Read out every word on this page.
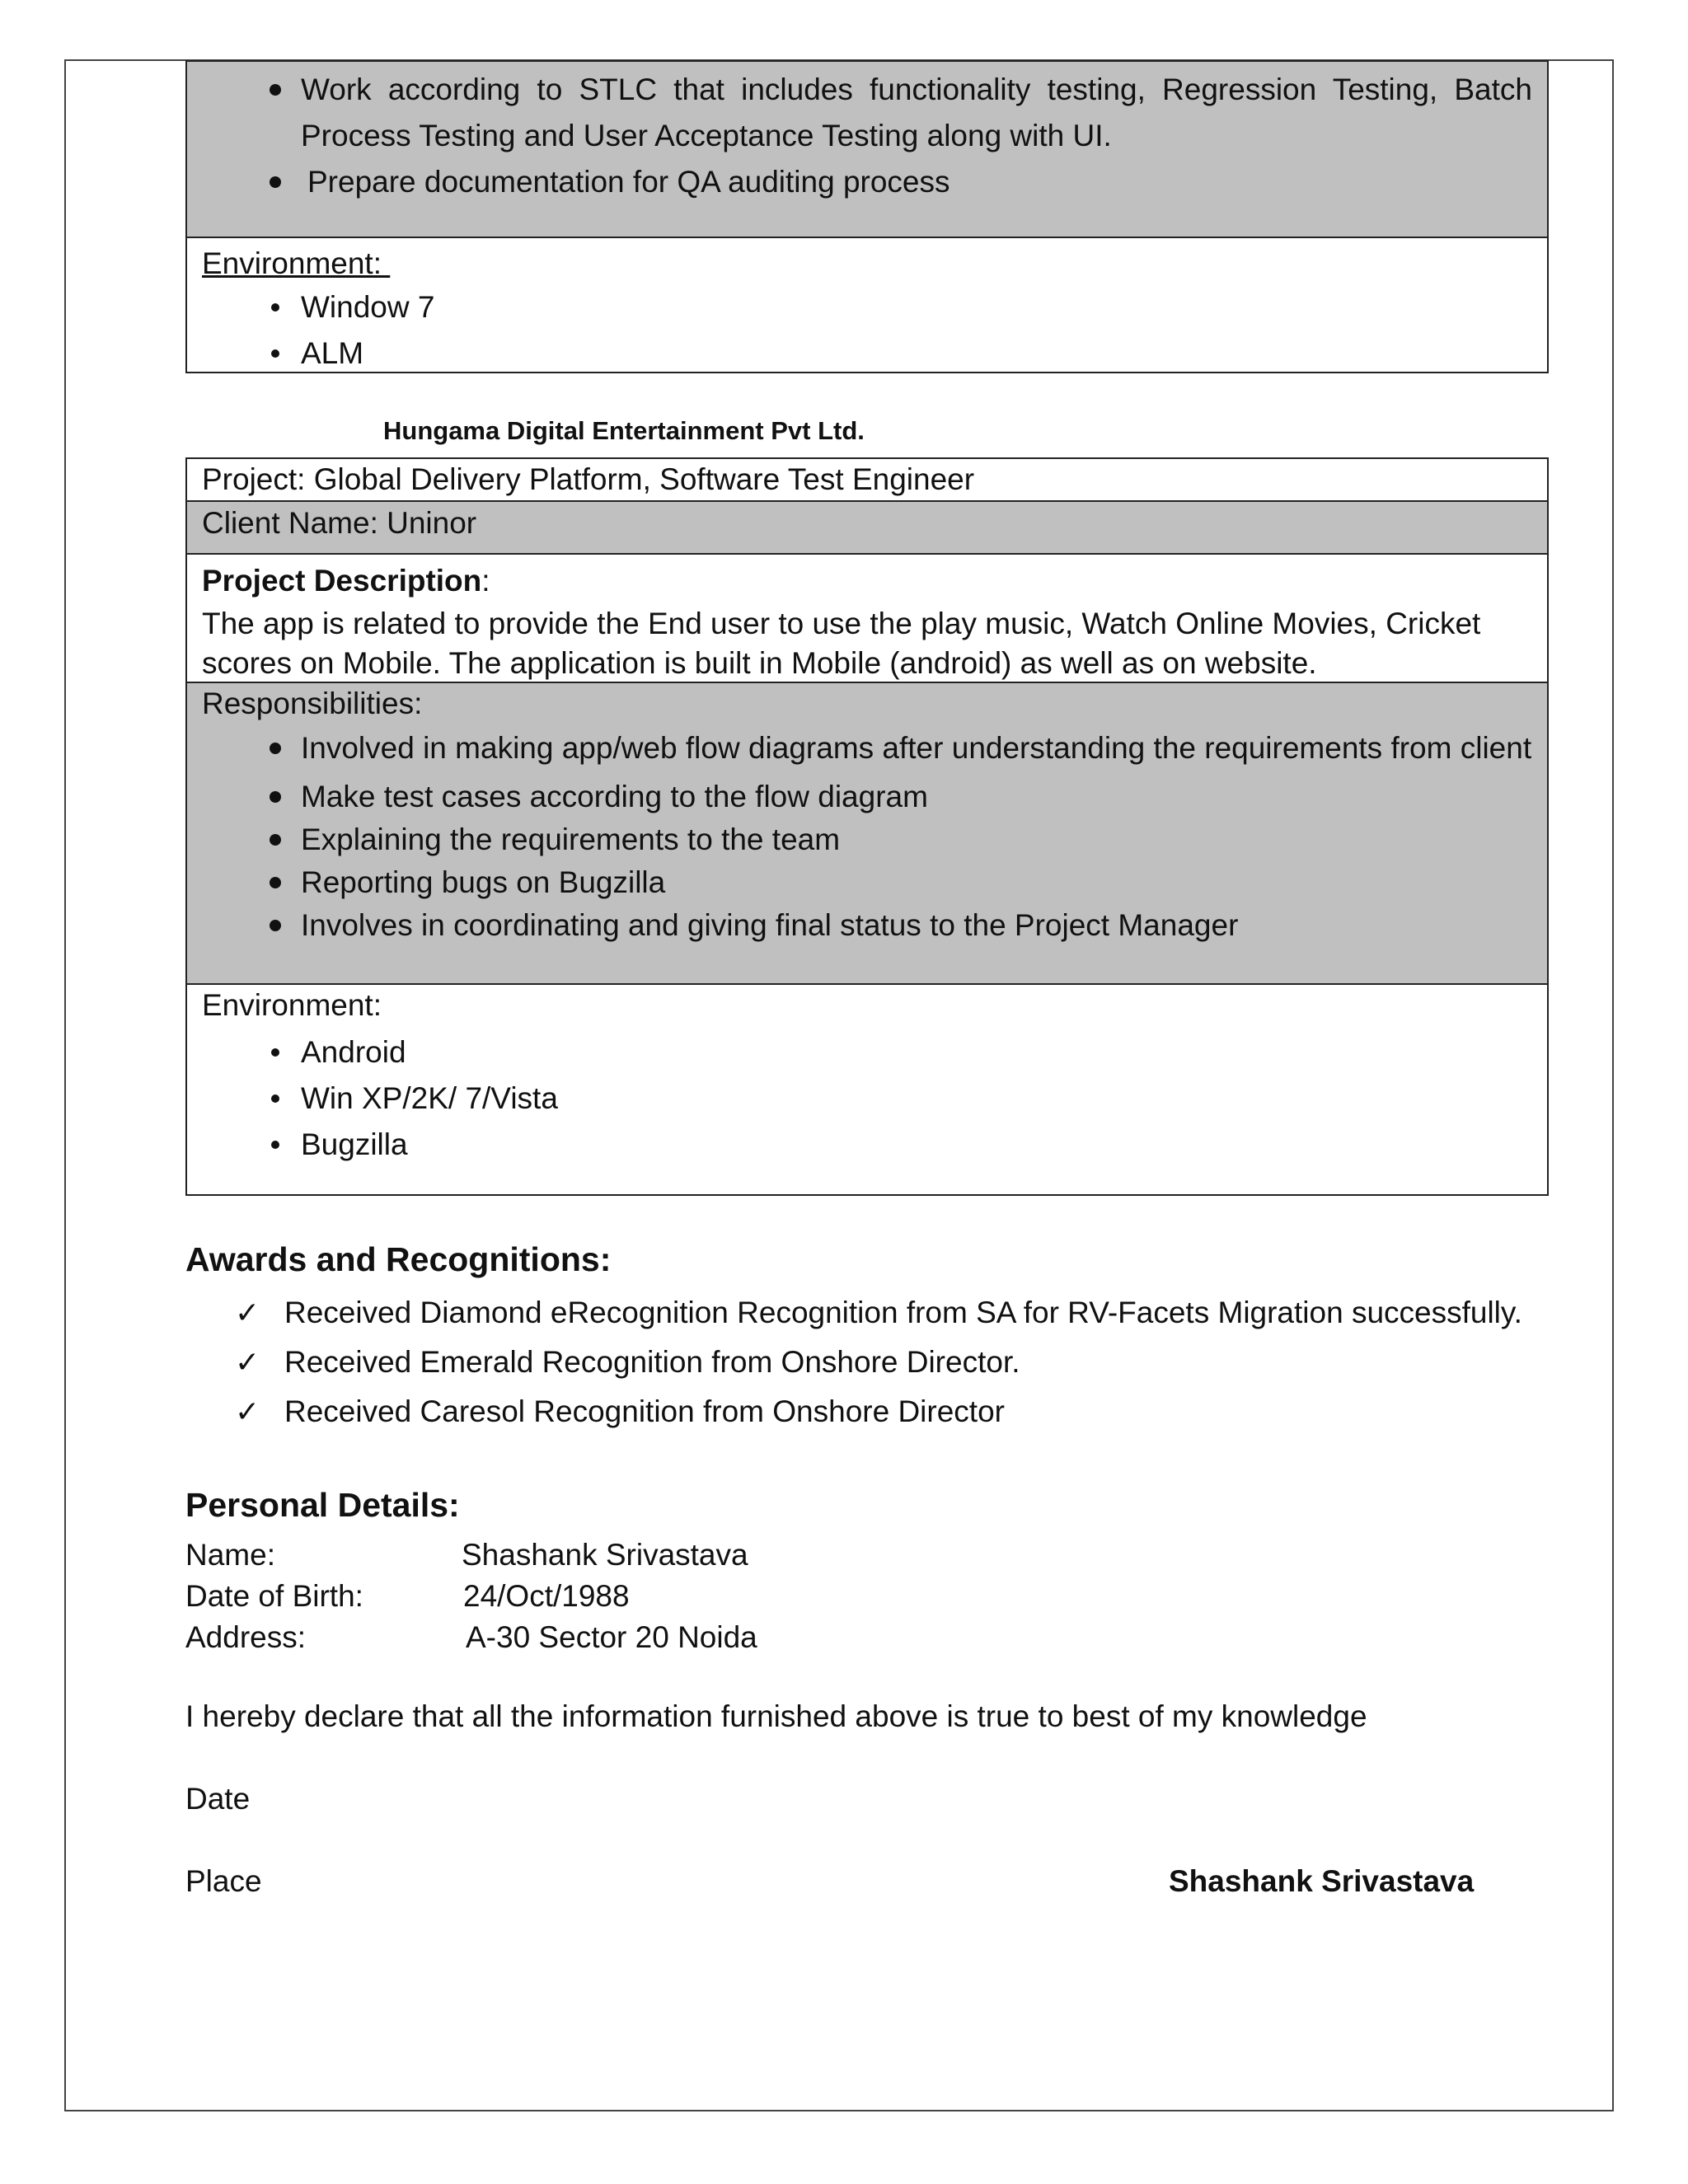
Work according to STLC that includes functionality testing, Regression Testing, Batch Process Testing and User Acceptance Testing along with UI.
Prepare documentation for QA auditing process
Environment:
Window 7
ALM
Hungama Digital Entertainment Pvt Ltd.
Project: Global Delivery Platform, Software Test Engineer
Client Name: Uninor
Project Description:
The app is related to provide the End user to use the play music, Watch Online Movies, Cricket scores on Mobile. The application is built in Mobile (android) as well as on website.
Responsibilities:
Involved in making app/web flow diagrams after understanding the requirements from client
Make test cases according to the flow diagram
Explaining the requirements to the team
Reporting bugs on Bugzilla
Involves in coordinating and giving final status to the Project Manager
Environment:
Android
Win XP/2K/ 7/Vista
Bugzilla
Awards and Recognitions:
✓ Received Diamond eRecognition Recognition from SA for RV-Facets Migration successfully.
✓ Received Emerald Recognition from Onshore Director.
✓ Received Caresol Recognition from Onshore Director
Personal Details:
Name:	Shashank Srivastava
Date of Birth:	24/Oct/1988
Address:	A-30 Sector 20 Noida
I hereby declare that all the information furnished above is true to best of my knowledge
Date
Place	Shashank Srivastava
